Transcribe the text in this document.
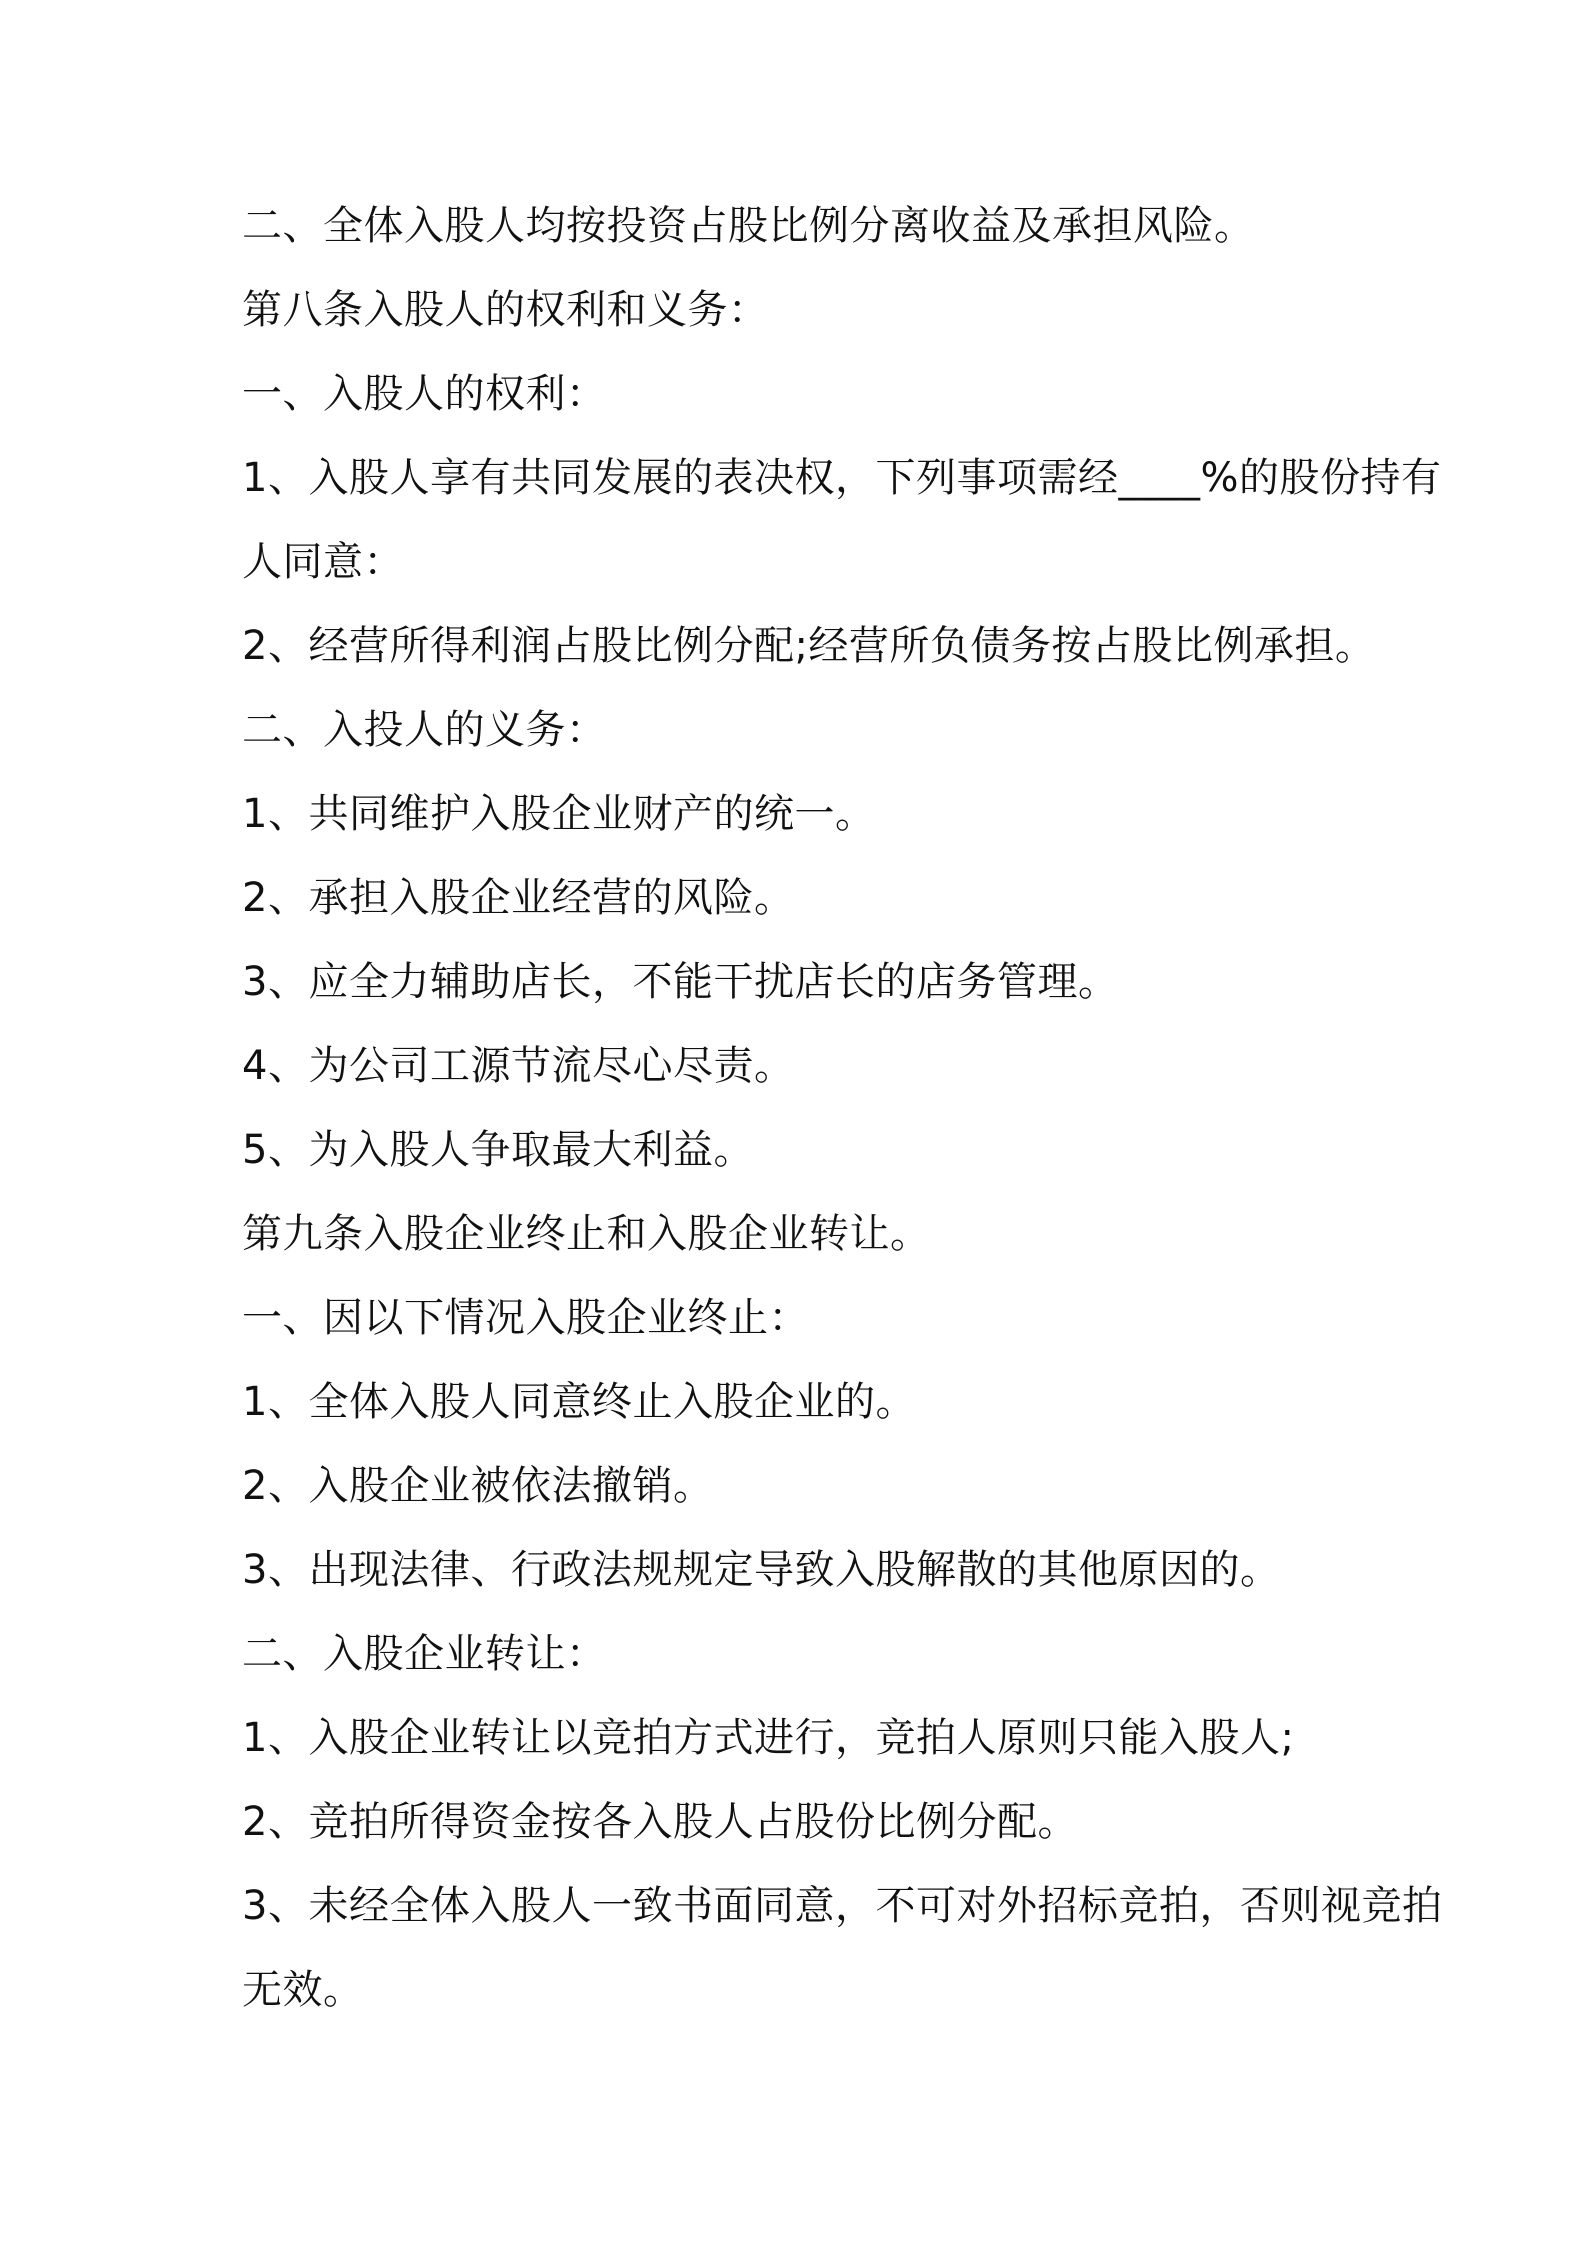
二、全体入股人均按投资占股比例分离收益及承担风险。

第八条入股人的权利和义务：

一、入股人的权利：

1、入股人享有共同发展的表决权，下列事项需经____%的股份持有

人同意：

2、经营所得利润占股比例分配;经营所负债务按占股比例承担。

二、入投人的义务：

1、共同维护入股企业财产的统一。

2、承担入股企业经营的风险。

3、应全力辅助店长，不能干扰店长的店务管理。

4、为公司工源节流尽心尽责。

5、为入股人争取最大利益。

第九条入股企业终止和入股企业转让。

一、因以下情况入股企业终止：

1、全体入股人同意终止入股企业的。

2、入股企业被依法撤销。

3、出现法律、行政法规规定导致入股解散的其他原因的。

二、入股企业转让：

1、入股企业转让以竞拍方式进行，竞拍人原则只能入股人;

2、竞拍所得资金按各入股人占股份比例分配。

3、未经全体入股人一致书面同意，不可对外招标竞拍，否则视竞拍

无效。
